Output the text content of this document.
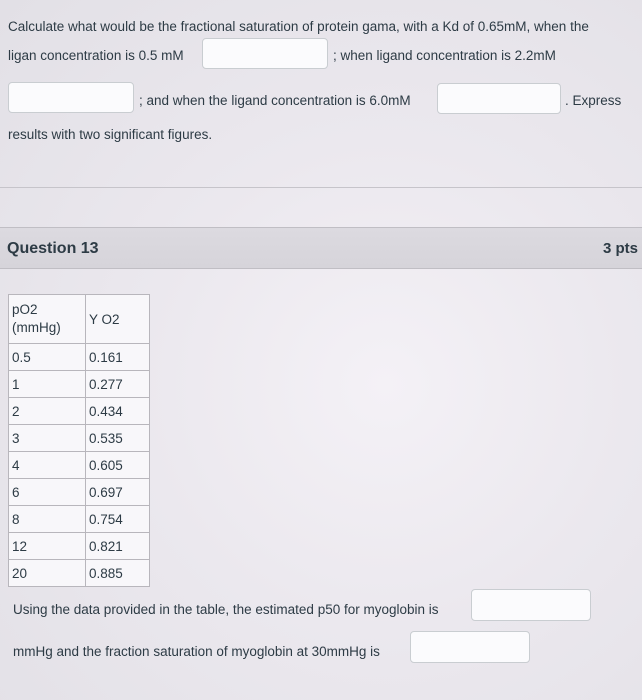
Calculate what would be the fractional saturation of protein gama, with a Kd of 0.65mM, when the
ligan concentration is 0.5 mM	; when ligand concentration is 2.2mM
; and when the ligand concentration is 6.0mM	. Express
results with two significant figures.
Question 13	3 pts
pO2 (mmHg)	Y O2
0.5	0.161
1	0.277
2	0.434
3	0.535
4	0.605
6	0.697
8	0.754
12	0.821
20	0.885
Using the data provided in the table, the estimated p50 for myoglobin is
mmHg and the fraction saturation of myoglobin at 30mmHg is
